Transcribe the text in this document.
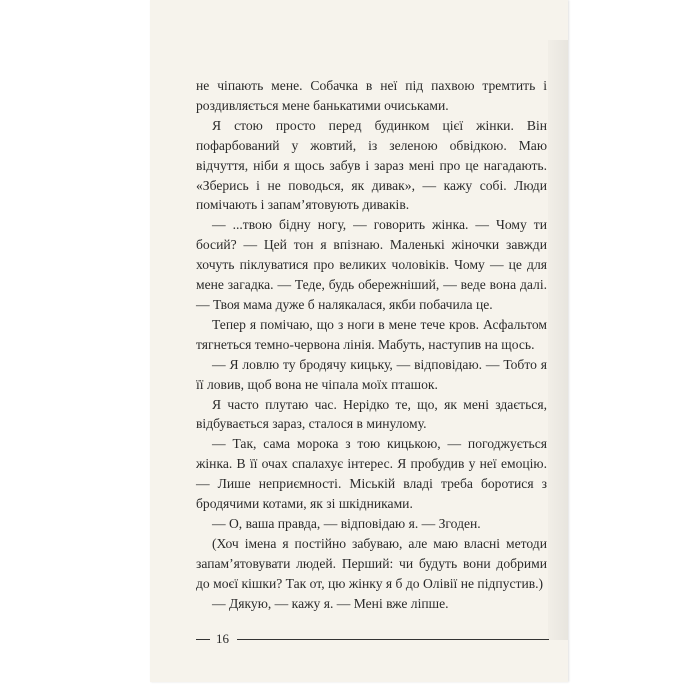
не чіпають мене. Собачка в неї під пахвою тремтить і роздивляється мене банькатими очиськами.

Я стою просто перед будинком цієї жінки. Він пофарбований у жовтий, із зеленою обвідкою. Маю відчуття, ніби я щось забув і зараз мені про це нагадають. «Зберись і не поводься, як дивак», — кажу собі. Люди помічають і запам’ятовують диваків.

— ...твою бідну ногу, — говорить жінка. — Чому ти босий? — Цей тон я впізнаю. Маленькі жіночки завжди хочуть піклуватися про великих чоловіків. Чому — це для мене загадка. — Теде, будь обережніший, — веде вона далі. — Твоя мама дуже б налякалася, якби побачила це.

Тепер я помічаю, що з ноги в мене тече кров. Асфальтом тягнеться темно-червона лінія. Мабуть, наступив на щось.

— Я ловлю ту бродячу кицьку, — відповідаю. — Тобто я її ловив, щоб вона не чіпала моїх пташок.

Я часто плутаю час. Нерідко те, що, як мені здається, відбувається зараз, сталося в минулому.

— Так, сама морока з тою кицькою, — погоджується жінка. В її очах спалахує інтерес. Я пробудив у неї емоцію. — Лише неприємності. Міській владі треба боротися з бродячими котами, як зі шкідниками.

— О, ваша правда, — відповідаю я. — Згоден.

(Хоч імена я постійно забуваю, але маю власні методи запам’ятовувати людей. Перший: чи будуть вони добрими до моєї кішки? Так от, цю жінку я б до Олівії не підпустив.)

— Дякую, — кажу я. — Мені вже ліпше.

16
